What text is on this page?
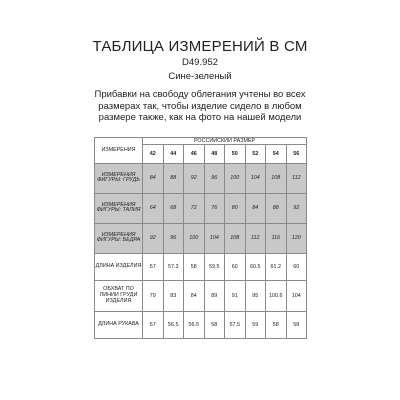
ТАБЛИЦА ИЗМЕРЕНИЙ В СМ
D49.952
Сине-зеленый
Прибавки на свободу облегания учтены во всех размерах так, чтобы изделие сидело в любом размере также, как на фото на нашей модели
ИЗМЕРЕНИЯ	РОССИЙСКИЙ РАЗМЕР							
	42	44	46	48	50	52	54	56
ИЗМЕРЕНИЯ ФИГУРЫ: ГРУДЬ	84	88	92	96	100	104	108	112
ИЗМЕРЕНИЯ ФИГУРЫ: ТАЛИЯ	64	68	72	76	80	84	88	92
ИЗМЕРЕНИЯ ФИГУРЫ: БЕДРА	92	96	100	104	108	112	116	120
ДЛИНА ИЗДЕЛИЯ	57	57.3	58	59.5	60	60.5	61.2	60
ОБХВАТ ПО ЛИНИИ ГРУДИ ИЗДЕЛИЯ	79	83	84	89	91	95	100.6	104
ДЛИНА РУКАВА	57	56.5	56.5	58	57.5	59	58	58
